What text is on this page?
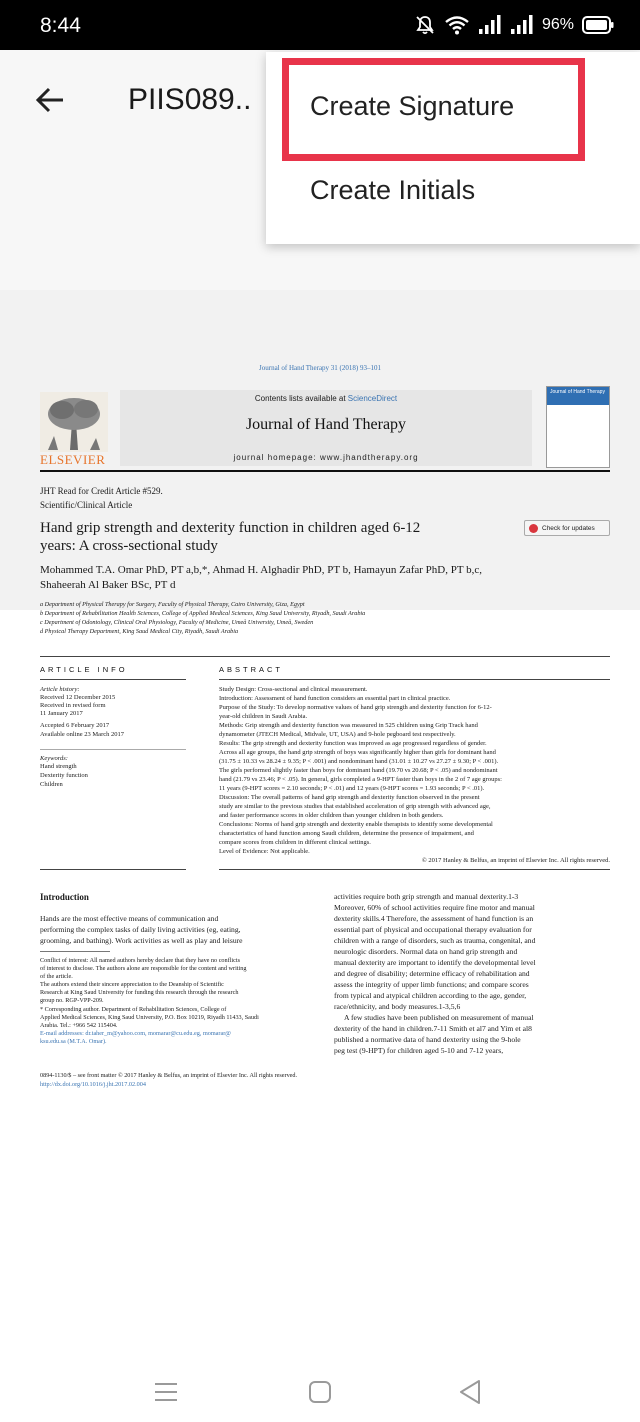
8:44	96%
PIIS089..
Journal of Hand Therapy 31 (2018) 93–101
ELSEVIER
Contents lists available at ScienceDirect
Journal of Hand Therapy
journal homepage: www.jhandtherapy.org
Journal of Hand Therapy
JHT Read for Credit Article #529.
Scientific/Clinical Article
Check for updates
Hand grip strength and dexterity function in children aged 6-12
years: A cross-sectional study
Mohammed T.A. Omar PhD, PT a,b,*, Ahmad H. Alghadir PhD, PT b, Hamayun Zafar PhD, PT b,c,
Shaheerah Al Baker BSc, PT d
a Department of Physical Therapy for Surgery, Faculty of Physical Therapy, Cairo University, Giza, Egypt
b Department of Rehabilitation Health Sciences, College of Applied Medical Sciences, King Saud University, Riyadh, Saudi Arabia
c Department of Odontology, Clinical Oral Physiology, Faculty of Medicine, Umeå University, Umeå, Sweden
d Physical Therapy Department, King Saud Medical City, Riyadh, Saudi Arabia
ARTICLE INFO	ABSTRACT
Article history:
Received 12 December 2015
Received in revised form
11 January 2017
Accepted 6 February 2017
Available online 23 March 2017
Keywords:
Hand strength
Dexterity function
Children
Study Design: Cross-sectional and clinical measurement.
Introduction: Assessment of hand function considers an essential part in clinical practice.
Purpose of the Study: To develop normative values of hand grip strength and dexterity function for 6-12-
year-old children in Saudi Arabia.
Methods: Grip strength and dexterity function was measured in 525 children using Grip Track hand
dynamometer (JTECH Medical, Midvale, UT, USA) and 9-hole pegboard test respectively.
Results: The grip strength and dexterity function was improved as age progressed regardless of gender.
Across all age groups, the hand grip strength of boys was significantly higher than girls for dominant hand
(31.75 ± 10.33 vs 28.24 ± 9.35; P < .001) and nondominant hand (31.01 ± 10.27 vs 27.27 ± 9.30; P < .001).
The girls performed slightly faster than boys for dominant hand (19.70 vs 20.68; P < .05) and nondominant
hand (21.79 vs 23.46; P < .05). In general, girls completed a 9-HPT faster than boys in the 2 of 7 age groups:
11 years (9-HPT scores = 2.10 seconds; P < .01) and 12 years (9-HPT scores = 1.93 seconds; P < .01).
Discussion: The overall patterns of hand grip strength and dexterity function observed in the present
study are similar to the previous studies that established acceleration of grip strength with advanced age,
and faster performance scores in older children than younger children in both genders.
Conclusions: Norms of hand grip strength and dexterity enable therapists to identify some developmental
characteristics of hand function among Saudi children, determine the presence of impairment, and
compare scores from children in different clinical settings.
Level of Evidence: Not applicable.
© 2017 Hanley & Belfus, an imprint of Elsevier Inc. All rights reserved.
Introduction
Hands are the most effective means of communication and
performing the complex tasks of daily living activities (eg, eating,
grooming, and bathing). Work activities as well as play and leisure
Conflict of interest: All named authors hereby declare that they have no conflicts
of interest to disclose. The authors alone are responsible for the content and writing
of the article.
The authors extend their sincere appreciation to the Deanship of Scientific
Research at King Saud University for funding this research through the research
group no. RGP-VPP-209.
* Corresponding author. Department of Rehabilitation Sciences, College of
Applied Medical Sciences, King Saud University, P.O. Box 10219, Riyadh 11433, Saudi
Arabia. Tel.: +966 542 115404.
E-mail addresses: dr.taher_m@yahoo.com, momarar@cu.edu.eg, momarar@
ksu.edu.sa (M.T.A. Omar).
activities require both grip strength and manual dexterity.1-3
Moreover, 60% of school activities require fine motor and manual
dexterity skills.4 Therefore, the assessment of hand function is an
essential part of physical and occupational therapy evaluation for
children with a range of disorders, such as trauma, congenital, and
neurologic disorders. Normal data on hand grip strength and
manual dexterity are important to identify the developmental level
and degree of disability; determine efficacy of rehabilitation and
assess the integrity of upper limb functions; and compare scores
from typical and atypical children according to the age, gender,
race/ethnicity, and body measures.1-3,5,6
A few studies have been published on measurement of manual
dexterity of the hand in children.7-11 Smith et al7 and Yim et al8
published a normative data of hand dexterity using the 9-hole
peg test (9-HPT) for children aged 5-10 and 7-12 years,
0894-1130/$ – see front matter © 2017 Hanley & Belfus, an imprint of Elsevier Inc. All rights reserved.
http://dx.doi.org/10.1016/j.jht.2017.02.004
Create Signature
Create Initials
